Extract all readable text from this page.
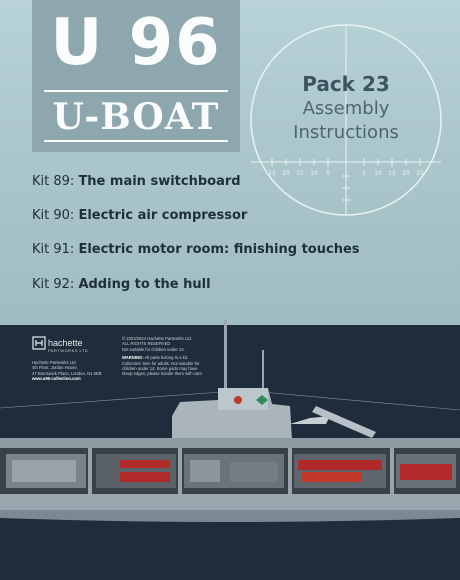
U 96
U-BOAT
25 20 15 10 5	5 10 15 20 25
Pack 23
Assembly
Instructions
Kit 89: The main switchboard
Kit 90: Electric air compressor
Kit 91: Electric motor room: finishing touches
Kit 92: Adding to the hull
hachette
PARTWORKS LTD
Hachette Partworks Ltd
4th Floor, Jordan House,
47 Brunswick Place, London, N1 6EB
www.u96-collection.com
© 2023/2024 Hachette Partworks Ltd.
ALL RIGHTS RESERVED
Not suitable for children under 14.
WARNING: All parts belong to a kit.
Collectors' item for adults. Not suitable for
children under 14. Some parts may have
sharp edges, please handle them with care.
